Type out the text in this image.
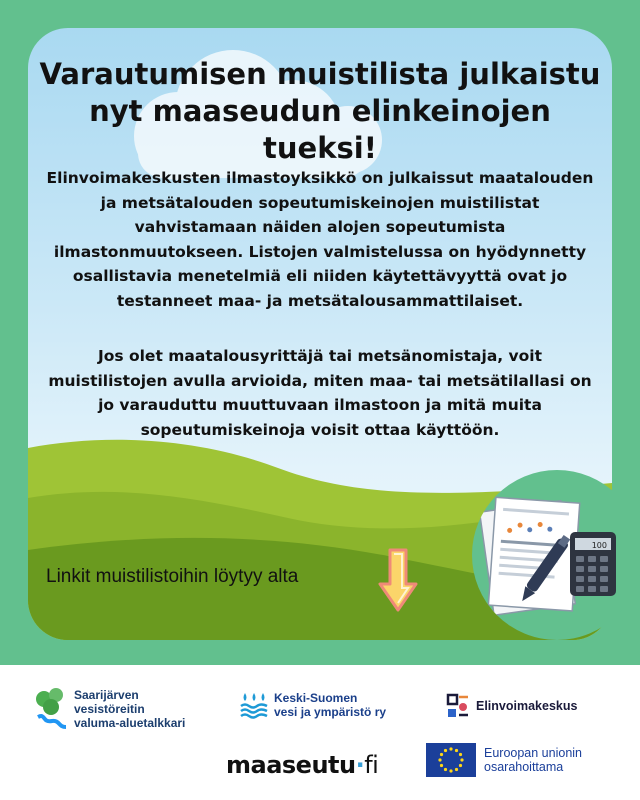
Varautumisen muistilista julkaistu
nyt maaseudun elinkeinojen tueksi!

Elinvoimakeskusten ilmastoyksikkö on julkaissut maatalouden ja metsätalouden sopeutumiskeinojen muistilistat vahvistamaan näiden alojen sopeutumista ilmastonmuutokseen. Listojen valmistelussa on hyödynnetty osallistavia menetelmiä eli niiden käytettävyyttä ovat jo testanneet maa- ja metsätalousammattilaiset.

Jos olet maatalousyrittäjä tai metsänomistaja, voit muistilistojen avulla arvioida, miten maa- tai metsätilallasi on jo varauduttu muuttuvaan ilmastoon ja mitä muita sopeutumiskeinoja voisit ottaa käyttöön.

Linkit muistilistoihin löytyy alta
100
Saarijärven
vesistöreitin
valuma-aluetalkkari
Keski-Suomen
vesi ja ympäristö ry	Elinvoimakeskus
maaseutu · fi	Euroopan unionin
osarahoittama
